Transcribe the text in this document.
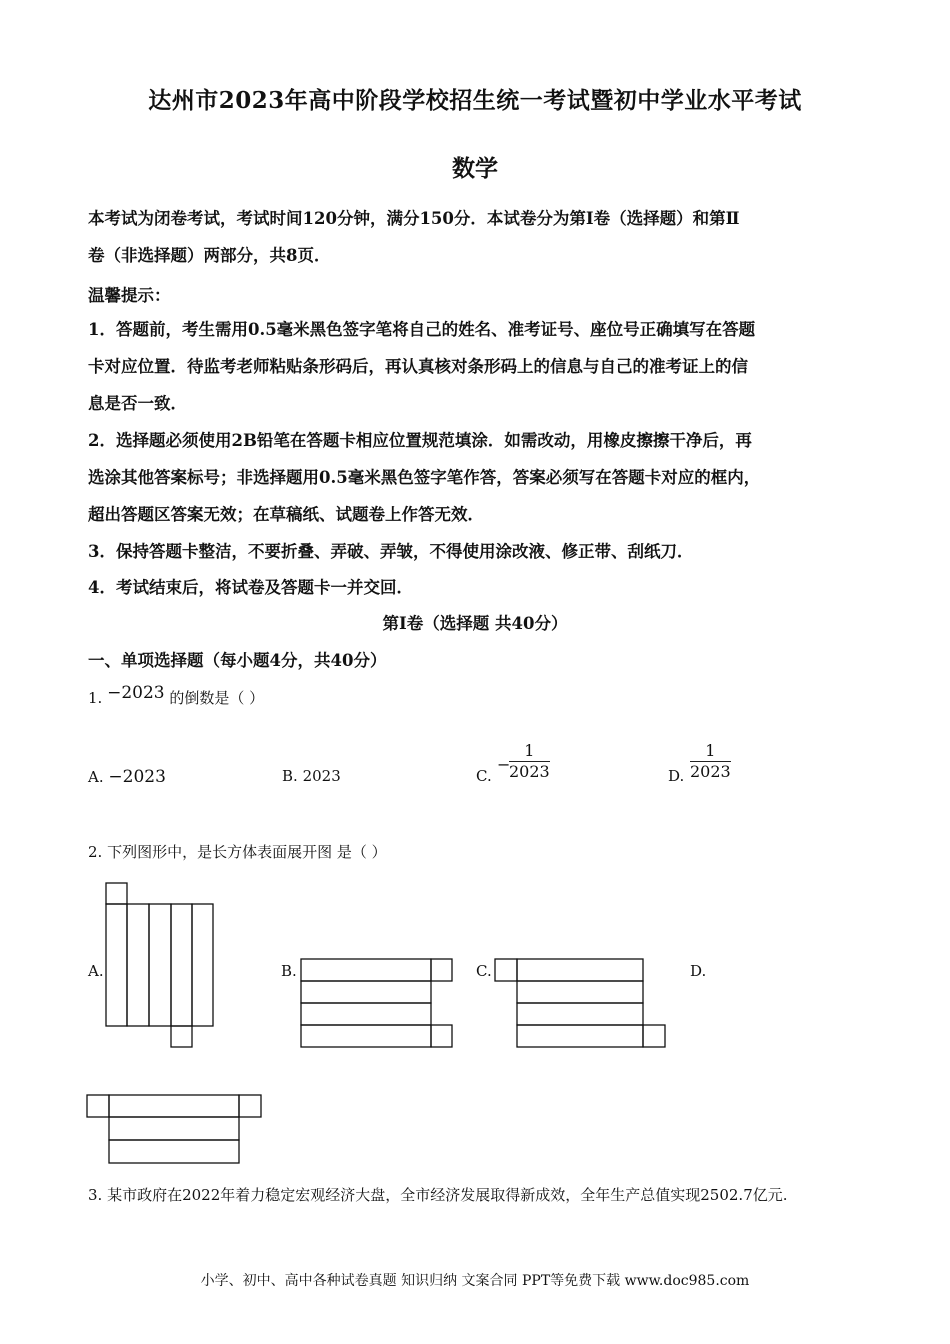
达州市2023年高中阶段学校招生统一考试暨初中学业水平考试
数学
本考试为闭卷考试，考试时间120分钟，满分150分．本试卷分为第Ⅰ卷（选择题）和第Ⅱ
卷（非选择题）两部分，共8页．
温馨提示：
1．答题前，考生需用0.5毫米黑色签字笔将自己的姓名、准考证号、座位号正确填写在答题
卡对应位置．待监考老师粘贴条形码后，再认真核对条形码上的信息与自己的准考证上的信
息是否一致．
2．选择题必须使用2B铅笔在答题卡相应位置规范填涂．如需改动，用橡皮擦擦干净后，再
选涂其他答案标号；非选择题用0.5毫米黑色签字笔作答，答案必须写在答题卡对应的框内，
超出答题区答案无效；在草稿纸、试题卷上作答无效．
3．保持答题卡整洁，不要折叠、弄破、弄皱，不得使用涂改液、修正带、刮纸刀．
4．考试结束后，将试卷及答题卡一并交回．
第Ⅰ卷（选择题 共40分）
一、单项选择题（每小题4分，共40分）
1. −2023 的倒数是（ ）
A. −2023	B. 2023	C.
−
$\frac{1}{2023}$	D. $\frac{1}{2023}$
2. 下列图形中，是长方体表面展开图 是（ ）
A.	B.	C.	D.
3. 某市政府在2022年着力稳定宏观经济大盘，全市经济发展取得新成效，全年生产总值实现2502.7亿元.
小学、初中、高中各种试卷真题 知识归纳 文案合同 PPT等免费下载 www.doc985.com
